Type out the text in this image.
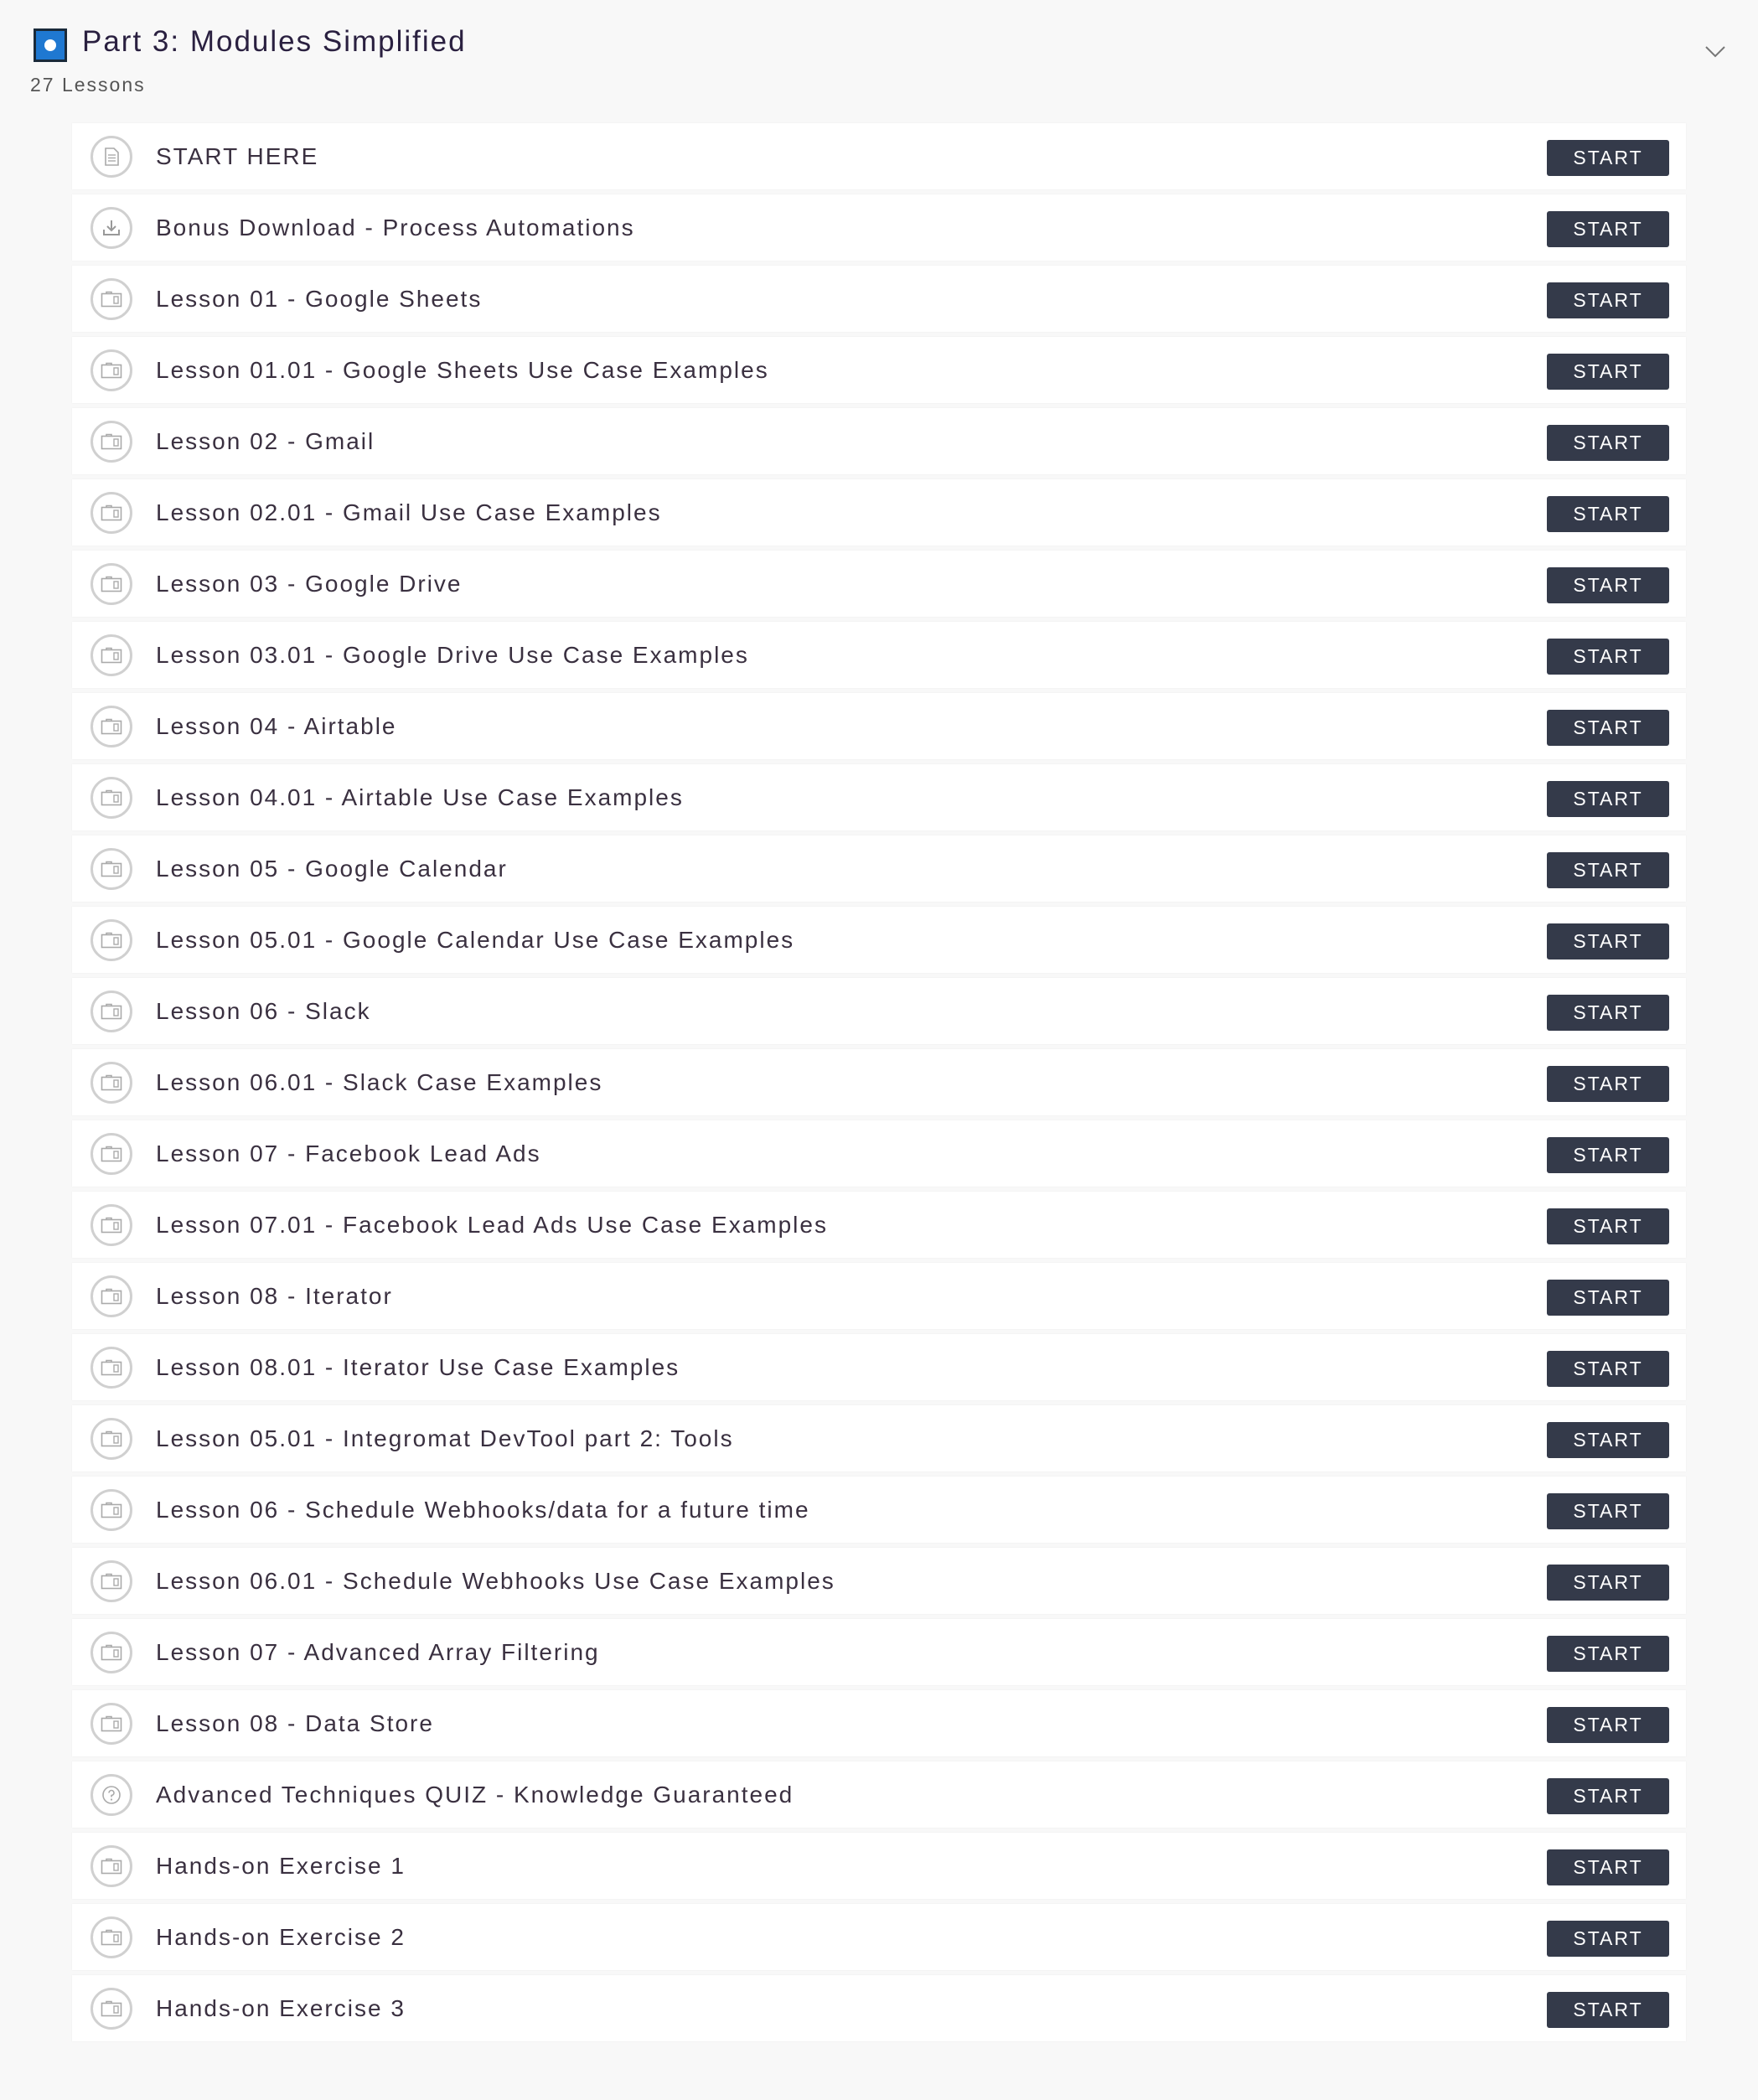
Part 3: Modules Simplified
27 Lessons
START HERE	START
Bonus Download - Process Automations	START
Lesson 01 - Google Sheets	START
Lesson 01.01 - Google Sheets Use Case Examples	START
Lesson 02 - Gmail	START
Lesson 02.01 - Gmail Use Case Examples	START
Lesson 03 - Google Drive	START
Lesson 03.01 - Google Drive Use Case Examples	START
Lesson 04 - Airtable	START
Lesson 04.01 - Airtable Use Case Examples	START
Lesson 05 - Google Calendar	START
Lesson 05.01 - Google Calendar Use Case Examples	START
Lesson 06 - Slack	START
Lesson 06.01 - Slack Case Examples	START
Lesson 07 - Facebook Lead Ads	START
Lesson 07.01 - Facebook Lead Ads Use Case Examples	START
Lesson 08 - Iterator	START
Lesson 08.01 - Iterator Use Case Examples	START
Lesson 05.01 - Integromat DevTool part 2: Tools	START
Lesson 06 - Schedule Webhooks/data for a future time	START
Lesson 06.01 - Schedule Webhooks Use Case Examples	START
Lesson 07 - Advanced Array Filtering	START
Lesson 08 - Data Store	START
Advanced Techniques QUIZ - Knowledge Guaranteed	START
Hands-on Exercise 1	START
Hands-on Exercise 2	START
Hands-on Exercise 3	START
